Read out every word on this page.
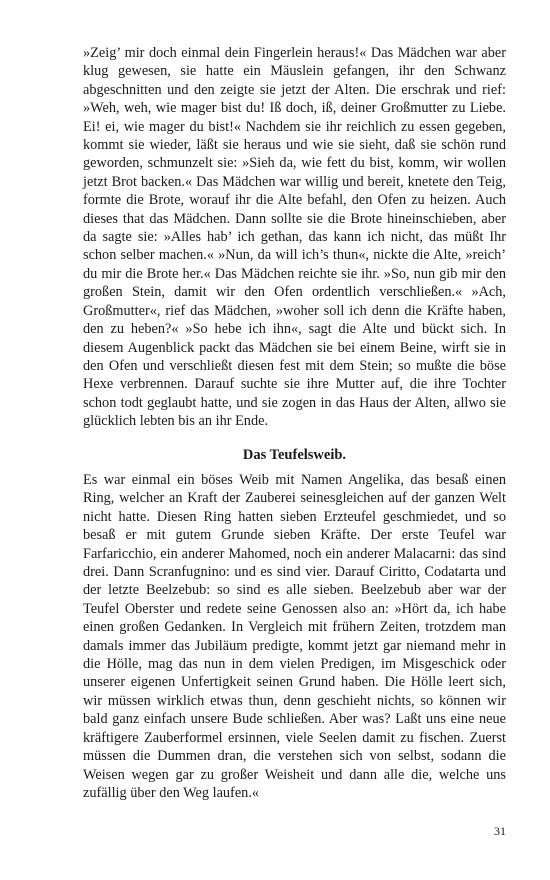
»Zeig’ mir doch einmal dein Fingerlein heraus!« Das Mädchen war aber klug gewesen, sie hatte ein Mäuslein gefangen, ihr den Schwanz abgeschnitten und den zeigte sie jetzt der Alten. Die erschrak und rief: »Weh, weh, wie mager bist du! Iß doch, iß, deiner Großmutter zu Liebe. Ei! ei, wie mager du bist!« Nachdem sie ihr reichlich zu essen gegeben, kommt sie wieder, läßt sie heraus und wie sie sieht, daß sie schön rund geworden, schmunzelt sie: »Sieh da, wie fett du bist, komm, wir wollen jetzt Brot backen.« Das Mädchen war willig und bereit, knetete den Teig, formte die Brote, worauf ihr die Alte befahl, den Ofen zu heizen. Auch dieses that das Mädchen. Dann sollte sie die Brote hineinschieben, aber da sagte sie: »Alles hab’ ich gethan, das kann ich nicht, das müßt Ihr schon selber machen.« »Nun, da will ich’s thun«, nickte die Alte, »reich’ du mir die Brote her.« Das Mädchen reichte sie ihr. »So, nun gib mir den großen Stein, damit wir den Ofen ordentlich verschließen.« »Ach, Großmutter«, rief das Mädchen, »woher soll ich denn die Kräfte haben, den zu heben?« »So hebe ich ihn«, sagt die Alte und bückt sich. In diesem Augenblick packt das Mädchen sie bei einem Beine, wirft sie in den Ofen und verschließt diesen fest mit dem Stein; so mußte die böse Hexe verbrennen. Darauf suchte sie ihre Mutter auf, die ihre Tochter schon todt geglaubt hatte, und sie zogen in das Haus der Alten, allwo sie glücklich lebten bis an ihr Ende.

Das Teufelsweib.

Es war einmal ein böses Weib mit Namen Angelika, das besaß einen Ring, welcher an Kraft der Zauberei seinesgleichen auf der ganzen Welt nicht hatte. Diesen Ring hatten sieben Erzteufel geschmiedet, und so besaß er mit gutem Grunde sieben Kräfte. Der erste Teufel war Farfaricchio, ein anderer Mahomed, noch ein anderer Malacarni: das sind drei. Dann Scranfugnino: und es sind vier. Darauf Ciritto, Codatarta und der letzte Beelzebub: so sind es alle sieben. Beelzebub aber war der Teufel Oberster und redete seine Genossen also an: »Hört da, ich habe einen großen Gedanken. In Vergleich mit frühern Zeiten, trotzdem man damals immer das Jubiläum predigte, kommt jetzt gar niemand mehr in die Hölle, mag das nun in dem vielen Predigen, im Misgeschick oder unserer eigenen Unfertigkeit seinen Grund haben. Die Hölle leert sich, wir müssen wirklich etwas thun, denn geschieht nichts, so können wir bald ganz einfach unsere Bude schließen. Aber was? Laßt uns eine neue kräftigere Zauberformel ersinnen, viele Seelen damit zu fischen. Zuerst müssen die Dummen dran, die verstehen sich von selbst, sodann die Weisen wegen gar zu großer Weisheit und dann alle die, welche uns zufällig über den Weg laufen.«

31
